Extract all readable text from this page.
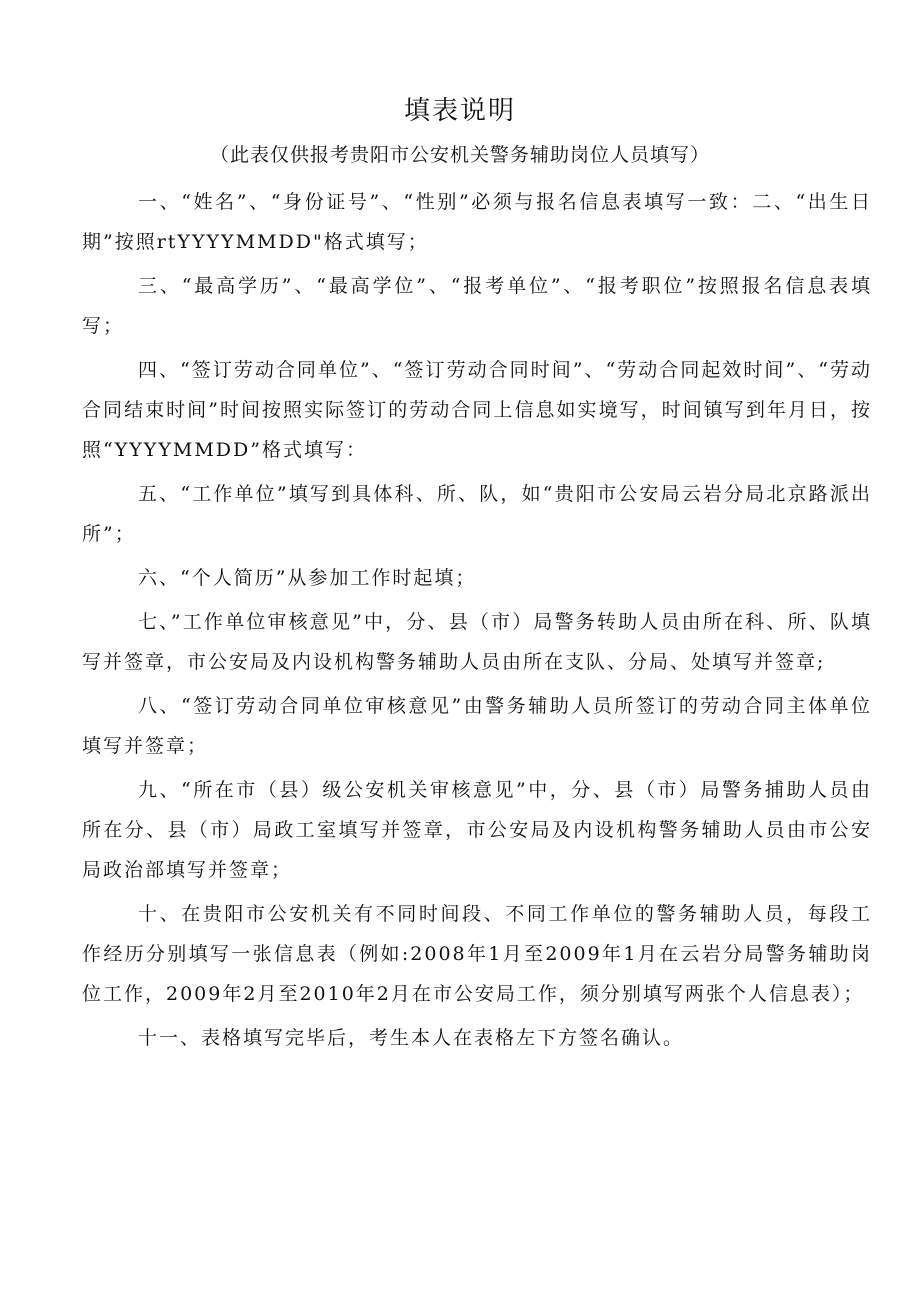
填表说明
（此表仅供报考贵阳市公安机关警务辅助岗位人员填写）

一、“姓名”、“身份证号”、“性别”必须与报名信息表填写一致：二、“出生日期”按照rtYYYYMMDD"格式填写；

三、“最高学历”、“最高学位”、“报考单位”、“报考职位”按照报名信息表填写；

四、“签订劳动合同单位”、“签订劳动合同时间”、“劳动合同起效时间”、“劳动合同结束时间”时间按照实际签订的劳动合同上信息如实境写，时间镇写到年月日，按照“YYYYMMDD”格式填写：

五、“工作单位”填写到具体科、所、队，如“贵阳市公安局云岩分局北京路派出所”；

六、“个人简历”从参加工作时起填；

七、”工作单位审核意见”中，分、县（市）局警务转助人员由所在科、所、队填写并签章，市公安局及内设机构警务辅助人员由所在支队、分局、处填写并签章;

八、“签订劳动合同单位审核意见”由警务辅助人员所签订的劳动合同主体单位填写并签章；

九、“所在市（县）级公安机关审核意见”中，分、县（市）局警务捕助人员由所在分、县（市）局政工室填写并签章，市公安局及内设机构警务辅助人员由市公安局政治部填写并签章；

十、在贵阳市公安机关有不同时间段、不同工作单位的警务辅助人员，每段工作经历分别填写一张信息表（例如:2008年1月至2009年1月在云岩分局警务辅助岗位工作，2009年2月至2010年2月在市公安局工作，须分别填写两张个人信息表）；

十一、表格填写完毕后，考生本人在表格左下方签名确认。
